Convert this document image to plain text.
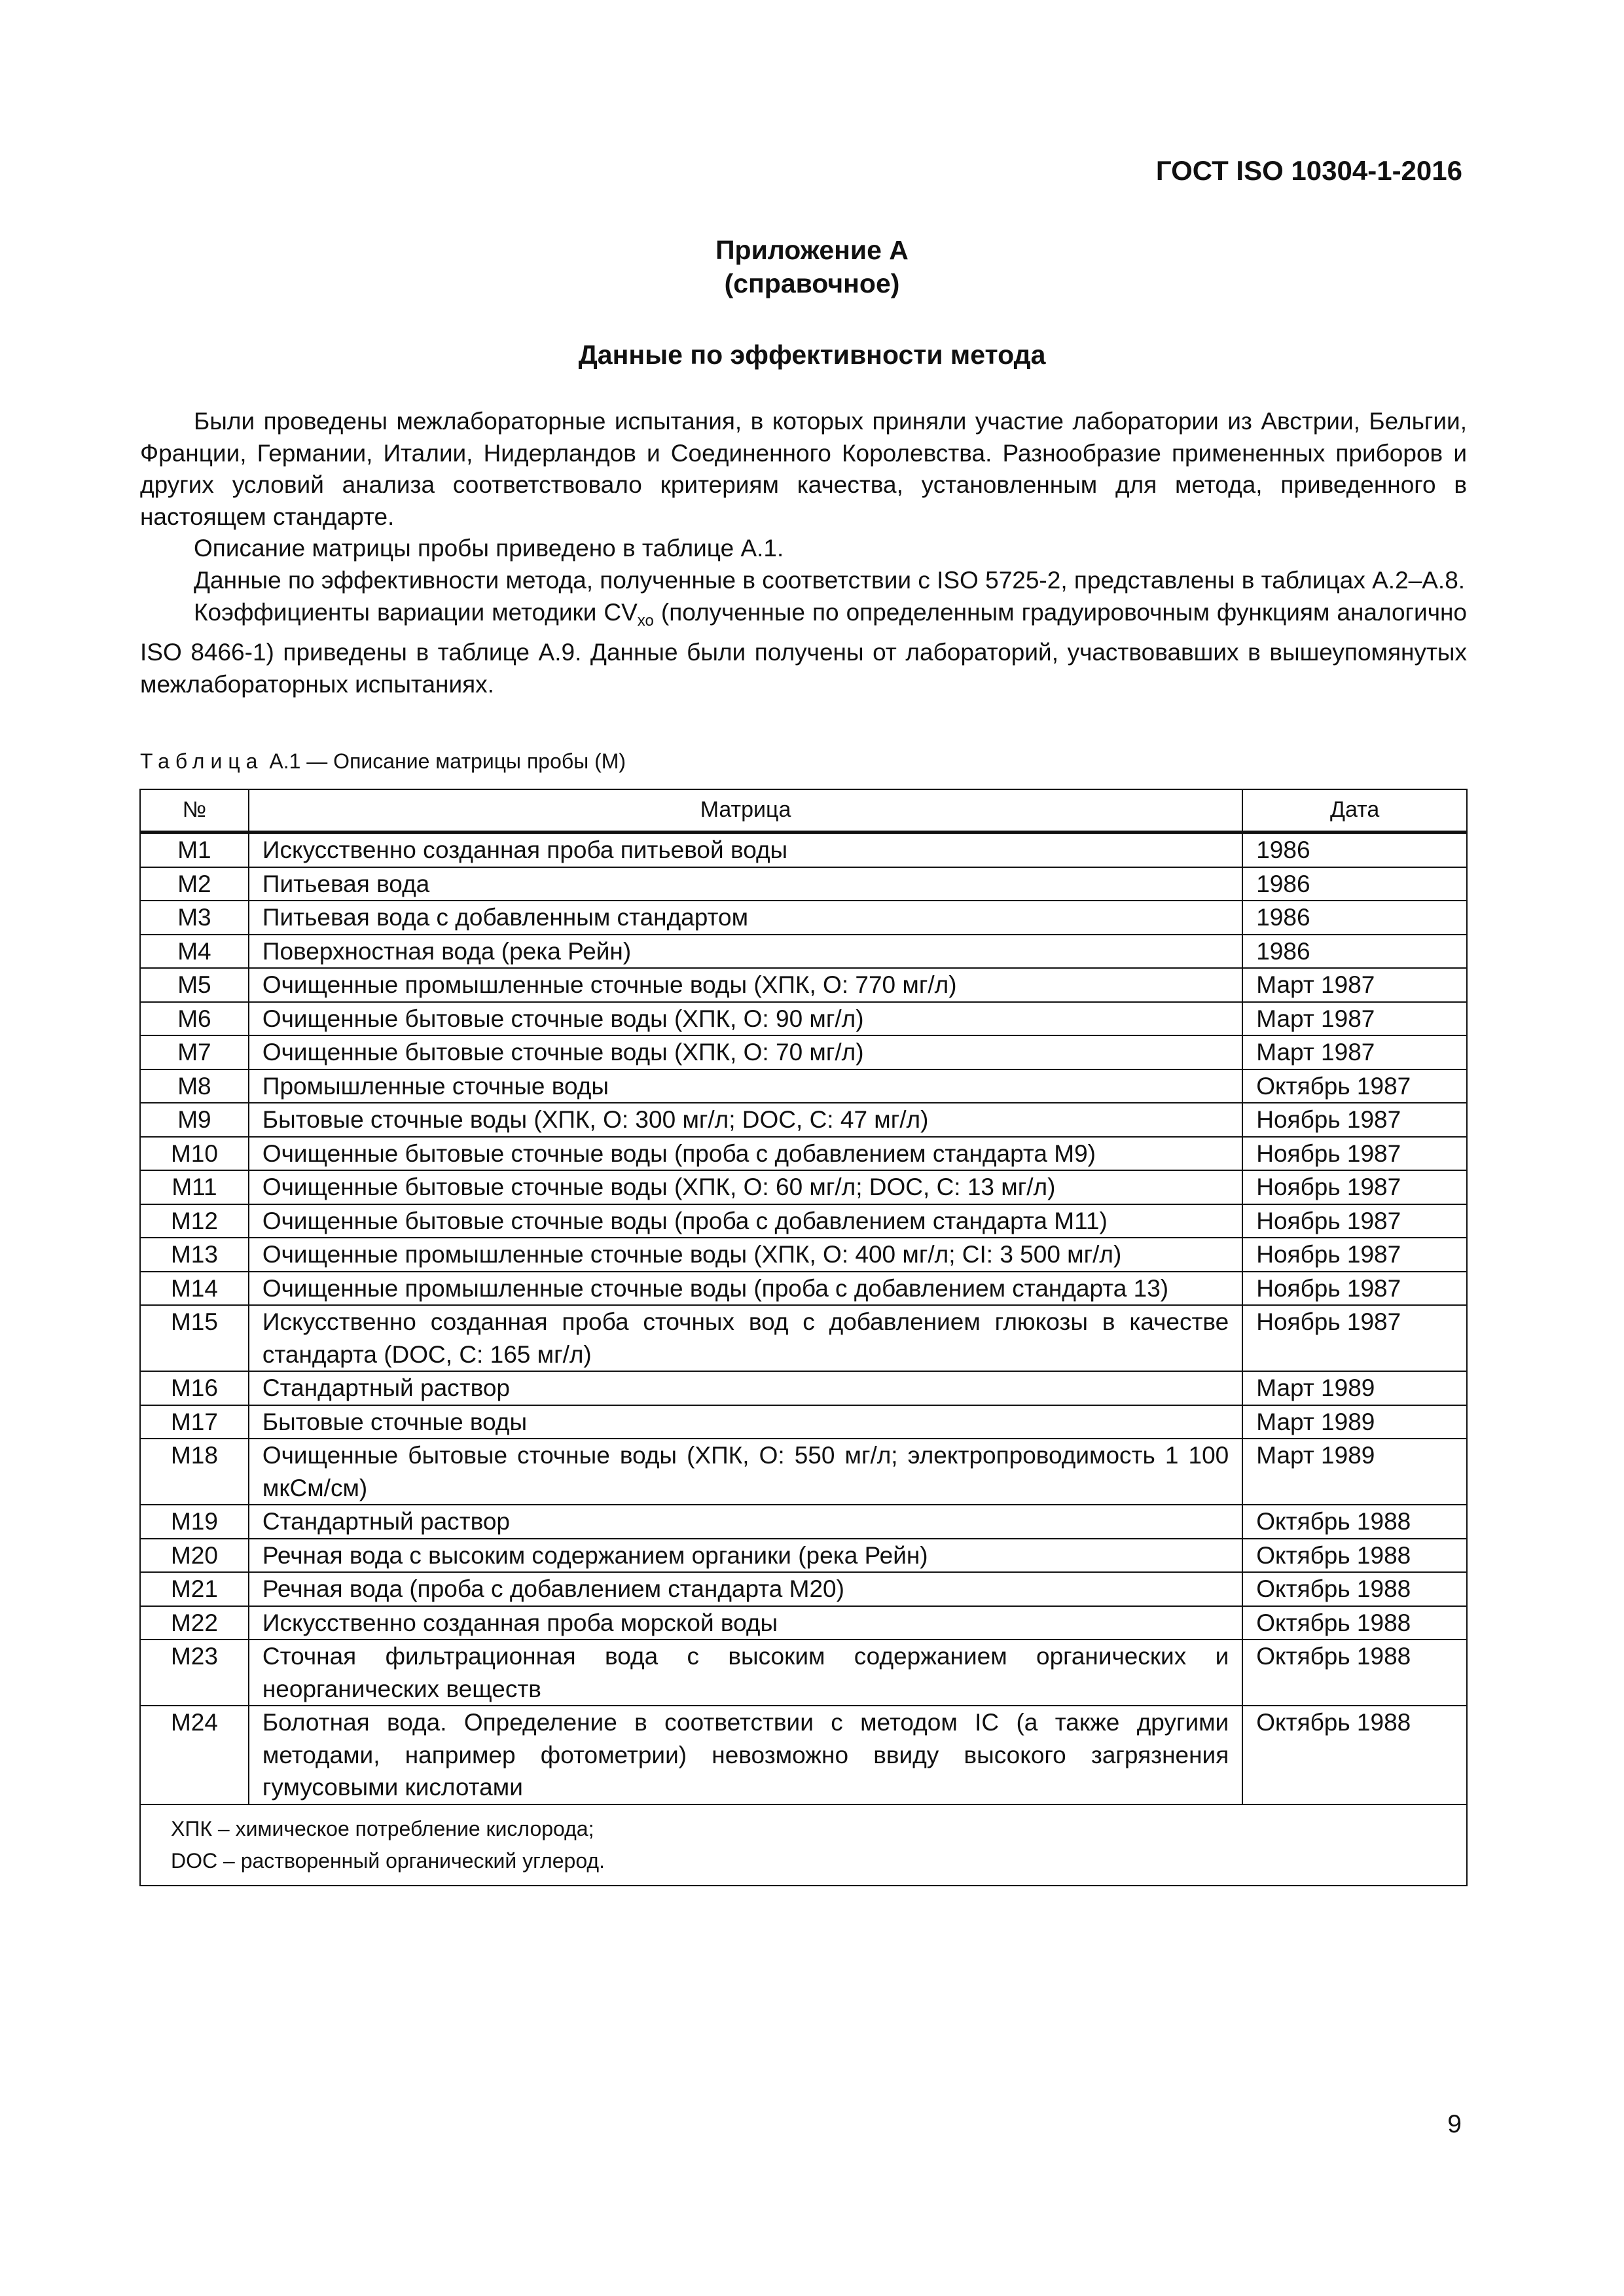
ГОСТ ISO 10304-1-2016
Приложение А
(справочное)
Данные по эффективности метода

Были проведены межлабораторные испытания, в которых приняли участие лаборатории из Австрии, Бельгии, Франции, Германии, Италии, Нидерландов и Соединенного Королевства. Разнообразие примененных приборов и других условий анализа соответствовало критериям качества, установленным для метода, приведенного в настоящем стандарте.

Описание матрицы пробы приведено в таблице А.1.

Данные по эффективности метода, полученные в соответствии с ISO 5725-2, представлены в таблицах А.2–А.8.

Коэффициенты вариации методики $CV_{хо}$ (полученные по определенным градуировочным функциям аналогично ISO 8466-1) приведены в таблице А.9. Данные были получены от лабораторий, участвовавших в вышеупомянутых межлабораторных испытаниях.

Таблица А.1 — Описание матрицы пробы (М)
№	Матрица	Дата
M1	Искусственно созданная проба питьевой воды	1986
M2	Питьевая вода	1986
M3	Питьевая вода с добавленным стандартом	1986
M4	Поверхностная вода (река Рейн)	1986
M5	Очищенные промышленные сточные воды (ХПК, О: 770 мг/л)	Март 1987
M6	Очищенные бытовые сточные воды (ХПК, О: 90 мг/л)	Март 1987
M7	Очищенные бытовые сточные воды (ХПК, О: 70 мг/л)	Март 1987
M8	Промышленные сточные воды	Октябрь 1987
M9	Бытовые сточные воды (ХПК, О: 300 мг/л; DOC, С: 47 мг/л)	Ноябрь 1987
M10	Очищенные бытовые сточные воды (проба с добавлением стандарта М9)	Ноябрь 1987
M11	Очищенные бытовые сточные воды (ХПК, О: 60 мг/л; DOC, С: 13 мг/л)	Ноябрь 1987
M12	Очищенные бытовые сточные воды (проба с добавлением стандарта М11)	Ноябрь 1987
M13	Очищенные промышленные сточные воды (ХПК, О: 400 мг/л; CI: 3 500 мг/л)	Ноябрь 1987
M14	Очищенные промышленные сточные воды (проба с добавлением стандарта 13)	Ноябрь 1987
M15	Искусственно созданная проба сточных вод с добавлением глюкозы в качестве стандарта (DOC, С: 165 мг/л)	Ноябрь 1987
M16	Стандартный раствор	Март 1989
M17	Бытовые сточные воды	Март 1989
M18	Очищенные бытовые сточные воды (ХПК, О: 550 мг/л; электропроводимость 1 100 мкСм/см)	Март 1989
M19	Стандартный раствор	Октябрь 1988
M20	Речная вода с высоким содержанием органики (река Рейн)	Октябрь 1988
M21	Речная вода (проба с добавлением стандарта М20)	Октябрь 1988
M22	Искусственно созданная проба морской воды	Октябрь 1988
M23	Сточная фильтрационная вода с высоким содержанием органических и неорганических веществ	Октябрь 1988
M24	Болотная вода. Определение в соответствии с методом IC (а также другими методами, например фотометрии) невозможно ввиду высокого загрязнения гумусовыми кислотами	Октябрь 1988

ХПК – химическое потребление кислорода;
DOC – растворенный органический углерод.		
9
